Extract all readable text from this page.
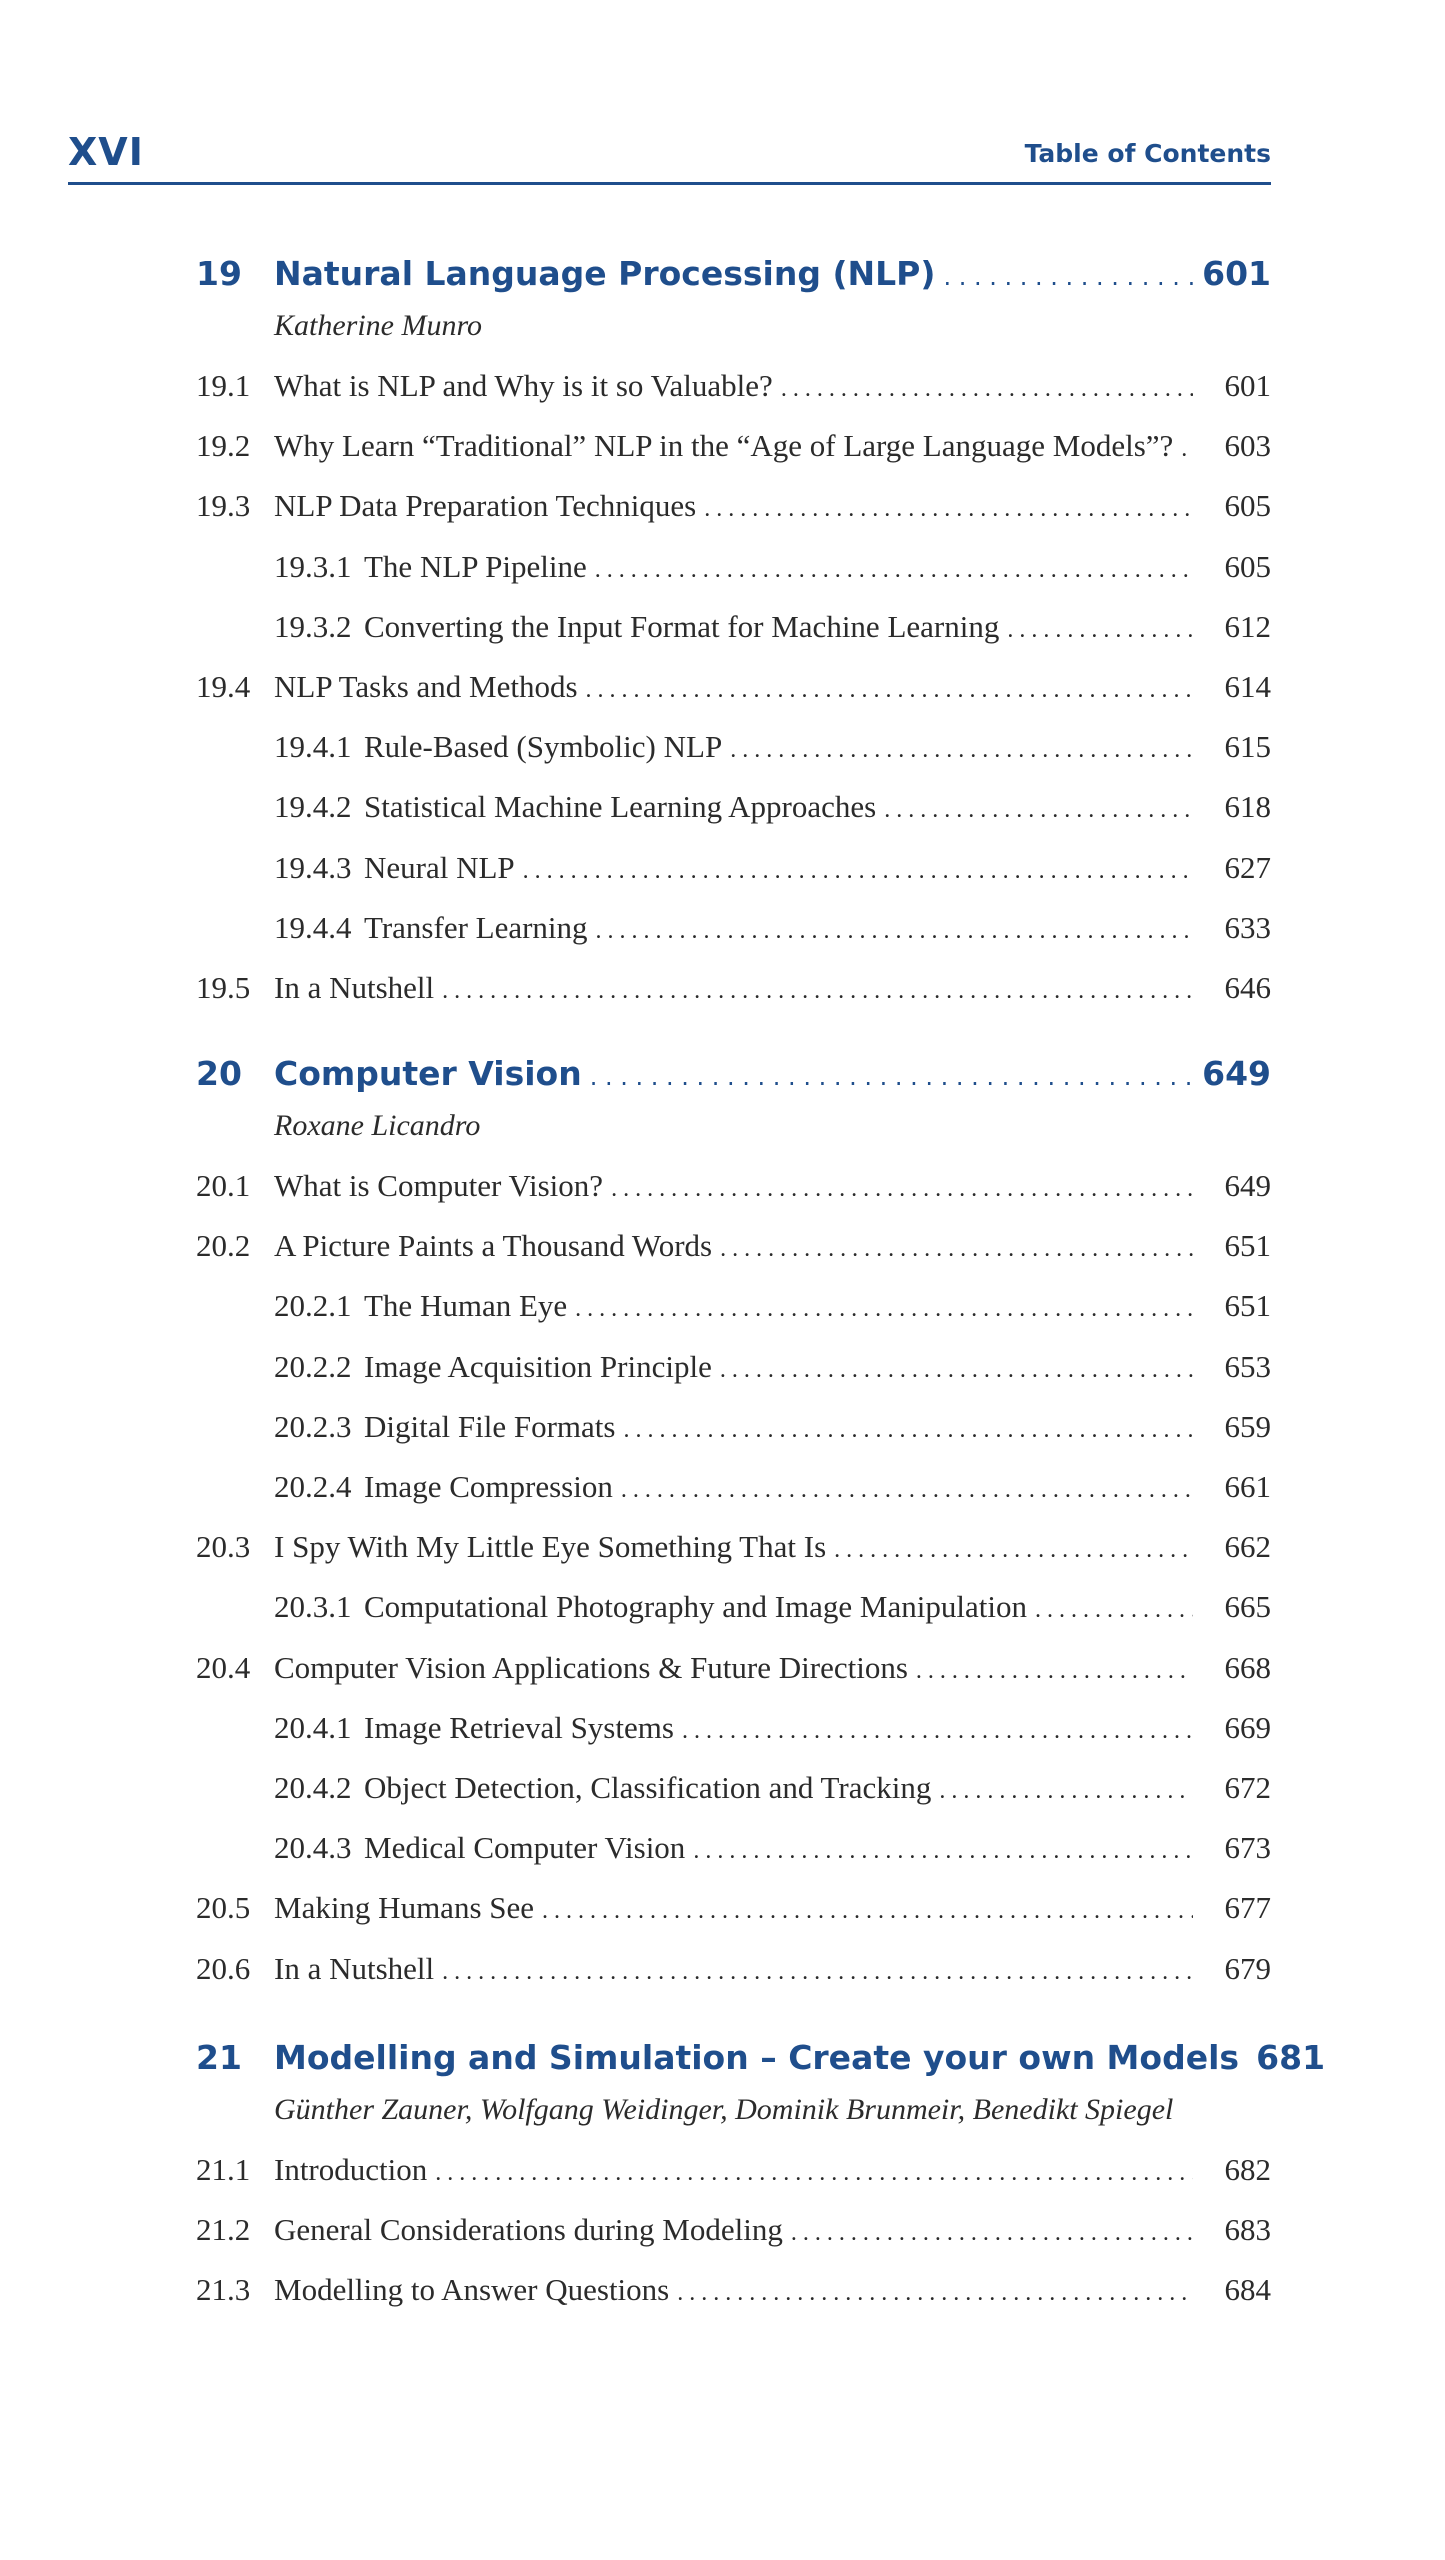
XVI	Table of Contents
19 Natural Language Processing (NLP) . . .	601
Katherine Munro
19.1 What is NLP and Why is it so Valuable? . . .	601
19.2 Why Learn “Traditional” NLP in the “Age of Large Language Models”? . . .	603
19.3 NLP Data Preparation Techniques . . .	605
19.3.1 The NLP Pipeline . . .	605
19.3.2 Converting the Input Format for Machine Learning . . .	612
19.4 NLP Tasks and Methods . . .	614
19.4.1 Rule-Based (Symbolic) NLP . . .	615
19.4.2 Statistical Machine Learning Approaches . . .	618
19.4.3 Neural NLP . . .	627
19.4.4 Transfer Learning . . .	633
19.5 In a Nutshell . . .	646
20 Computer Vision . . .	649
Roxane Licandro
20.1 What is Computer Vision? . . .	649
20.2 A Picture Paints a Thousand Words . . .	651
20.2.1 The Human Eye . . .	651
20.2.2 Image Acquisition Principle . . .	653
20.2.3 Digital File Formats . . .	659
20.2.4 Image Compression . . .	661
20.3 I Spy With My Little Eye Something That Is . . .	662
20.3.1 Computational Photography and Image Manipulation . . .	665
20.4 Computer Vision Applications & Future Directions . . .	668
20.4.1 Image Retrieval Systems . . .	669
20.4.2 Object Detection, Classification and Tracking . . .	672
20.4.3 Medical Computer Vision . . .	673
20.5 Making Humans See . . .	677
20.6 In a Nutshell . . .	679
21 Modelling and Simulation – Create your own Models 681
Günther Zauner, Wolfgang Weidinger, Dominik Brunmeir, Benedikt Spiegel
21.1 Introduction . . .	682
21.2 General Considerations during Modeling . . .	683
21.3 Modelling to Answer Questions . . .	684
